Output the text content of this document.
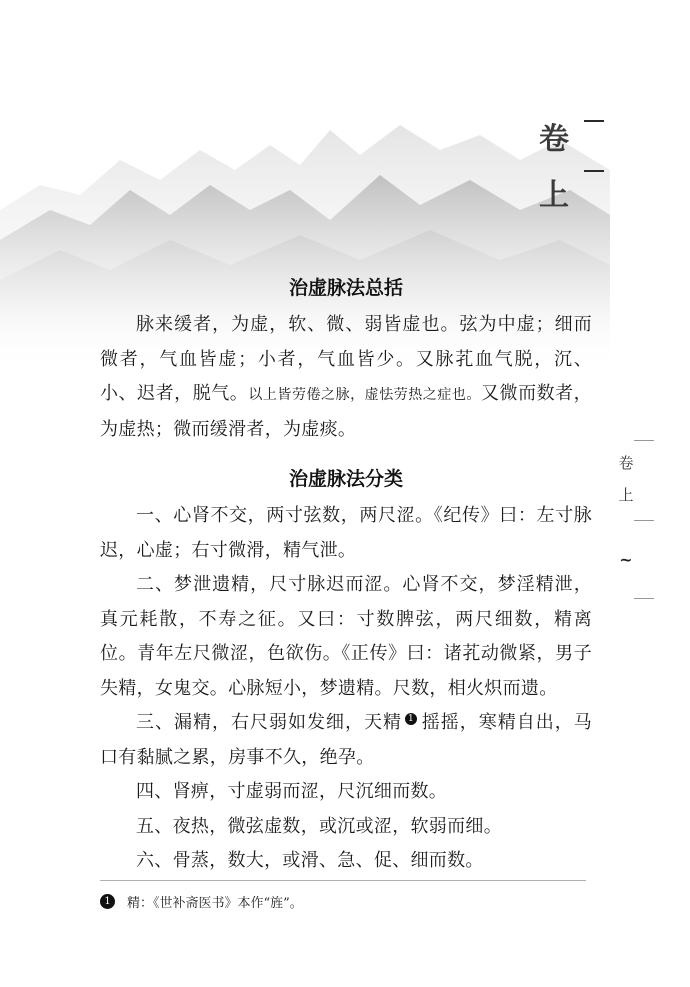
卷
上
卷
上
~
治虚脉法总括

脉来缓者，为虚，软、微、弱皆虚也。弦为中虚；细而微者，气血皆虚；小者，气血皆少。又脉芤血气脱，沉、小、迟者，脱气。以上皆劳倦之脉，虚怯劳热之症也。又微而数者，为虚热；微而缓滑者，为虚痰。

治虚脉法分类

一、心肾不交，两寸弦数，两尺涩。《纪传》曰：左寸脉迟，心虚；右寸微滑，精气泄。

二、梦泄遗精，尺寸脉迟而涩。心肾不交，梦淫精泄，真元耗散，不寿之征。又曰：寸数脾弦，两尺细数，精离位。青年左尺微涩，色欲伤。《正传》曰：诸芤动微紧，男子失精，女鬼交。心脉短小，梦遗精。尺数，相火炽而遗。

三、漏精，右尺弱如发细，天精 1 摇摇，寒精自出，马口有黏腻之累，房事不久，绝孕。

四、肾痹，寸虚弱而涩，尺沉细而数。

五、夜热，微弦虚数，或沉或涩，软弱而细。

六、骨蒸，数大，或滑、急、促、细而数。

1	精：《世补斋医书》本作“旌”。
